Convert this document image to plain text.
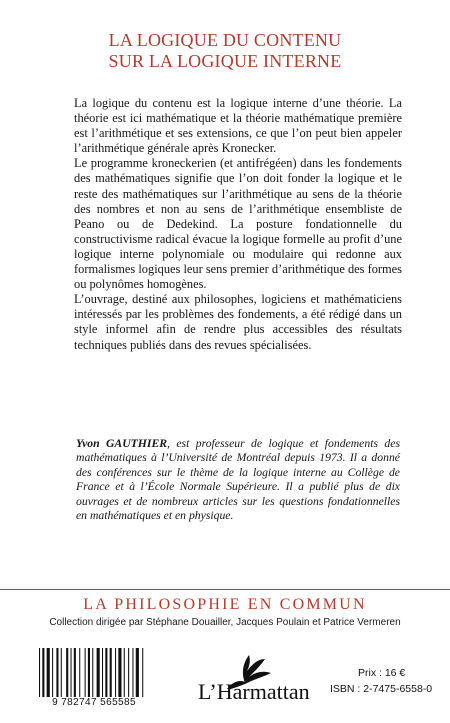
LA LOGIQUE DU CONTENU
SUR LA LOGIQUE INTERNE

La logique du contenu est la logique interne d’une théorie. La théorie est ici mathématique et la théorie mathématique première est l’arithmétique et ses extensions, ce que l’on peut bien appeler l’arithmétique générale après Kronecker.

Le programme kroneckerien (et antifrégéen) dans les fondements des mathématiques signifie que l’on doit fonder la logique et le reste des mathématiques sur l’arithmétique au sens de la théorie des nombres et non au sens de l’arithmétique ensembliste de Peano ou de Dedekind. La posture fondationnelle du constructivisme radical évacue la logique formelle au profit d’une logique interne polynomiale ou modulaire qui redonne aux formalismes logiques leur sens premier d’arithmétique des formes ou polynômes homogènes.

L’ouvrage, destiné aux philosophes, logiciens et mathématiciens intéressés par les problèmes des fondements, a été rédigé dans un style informel afin de rendre plus accessibles des résultats techniques publiés dans des revues spécialisées.

Yvon GAUTHIER, est professeur de logique et fondements des mathématiques à l’Université de Montréal depuis 1973. Il a donné des conférences sur le thème de la logique interne au Collège de France et à l’École Normale Supérieure. Il a publié plus de dix ouvrages et de nombreux articles sur les questions fondationnelles en mathématiques et en physique.
LA PHILOSOPHIE EN COMMUN
Collection dirigée par Stéphane Douailler, Jacques Poulain et Patrice Vermeren
9 782747 565585	L’Harmattan
Prix : 16 €
ISBN : 2-7475-6558-0
